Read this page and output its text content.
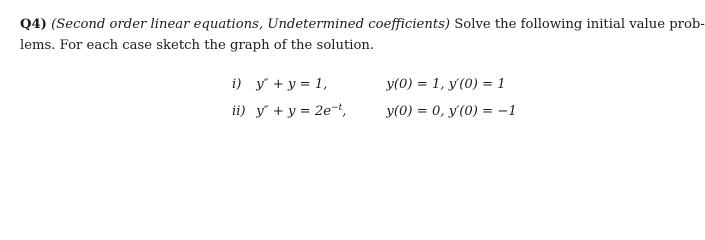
Q4) (Second order linear equations, Undetermined coefficients) Solve the following initial value prob-
lems. For each case sketch the graph of the solution.
i) y″ + y = 1,	y(0) = 1, y′(0) = 1
ii) $y'' + y = 2e^{-t}$,	y(0) = 0, y′(0) = −1
